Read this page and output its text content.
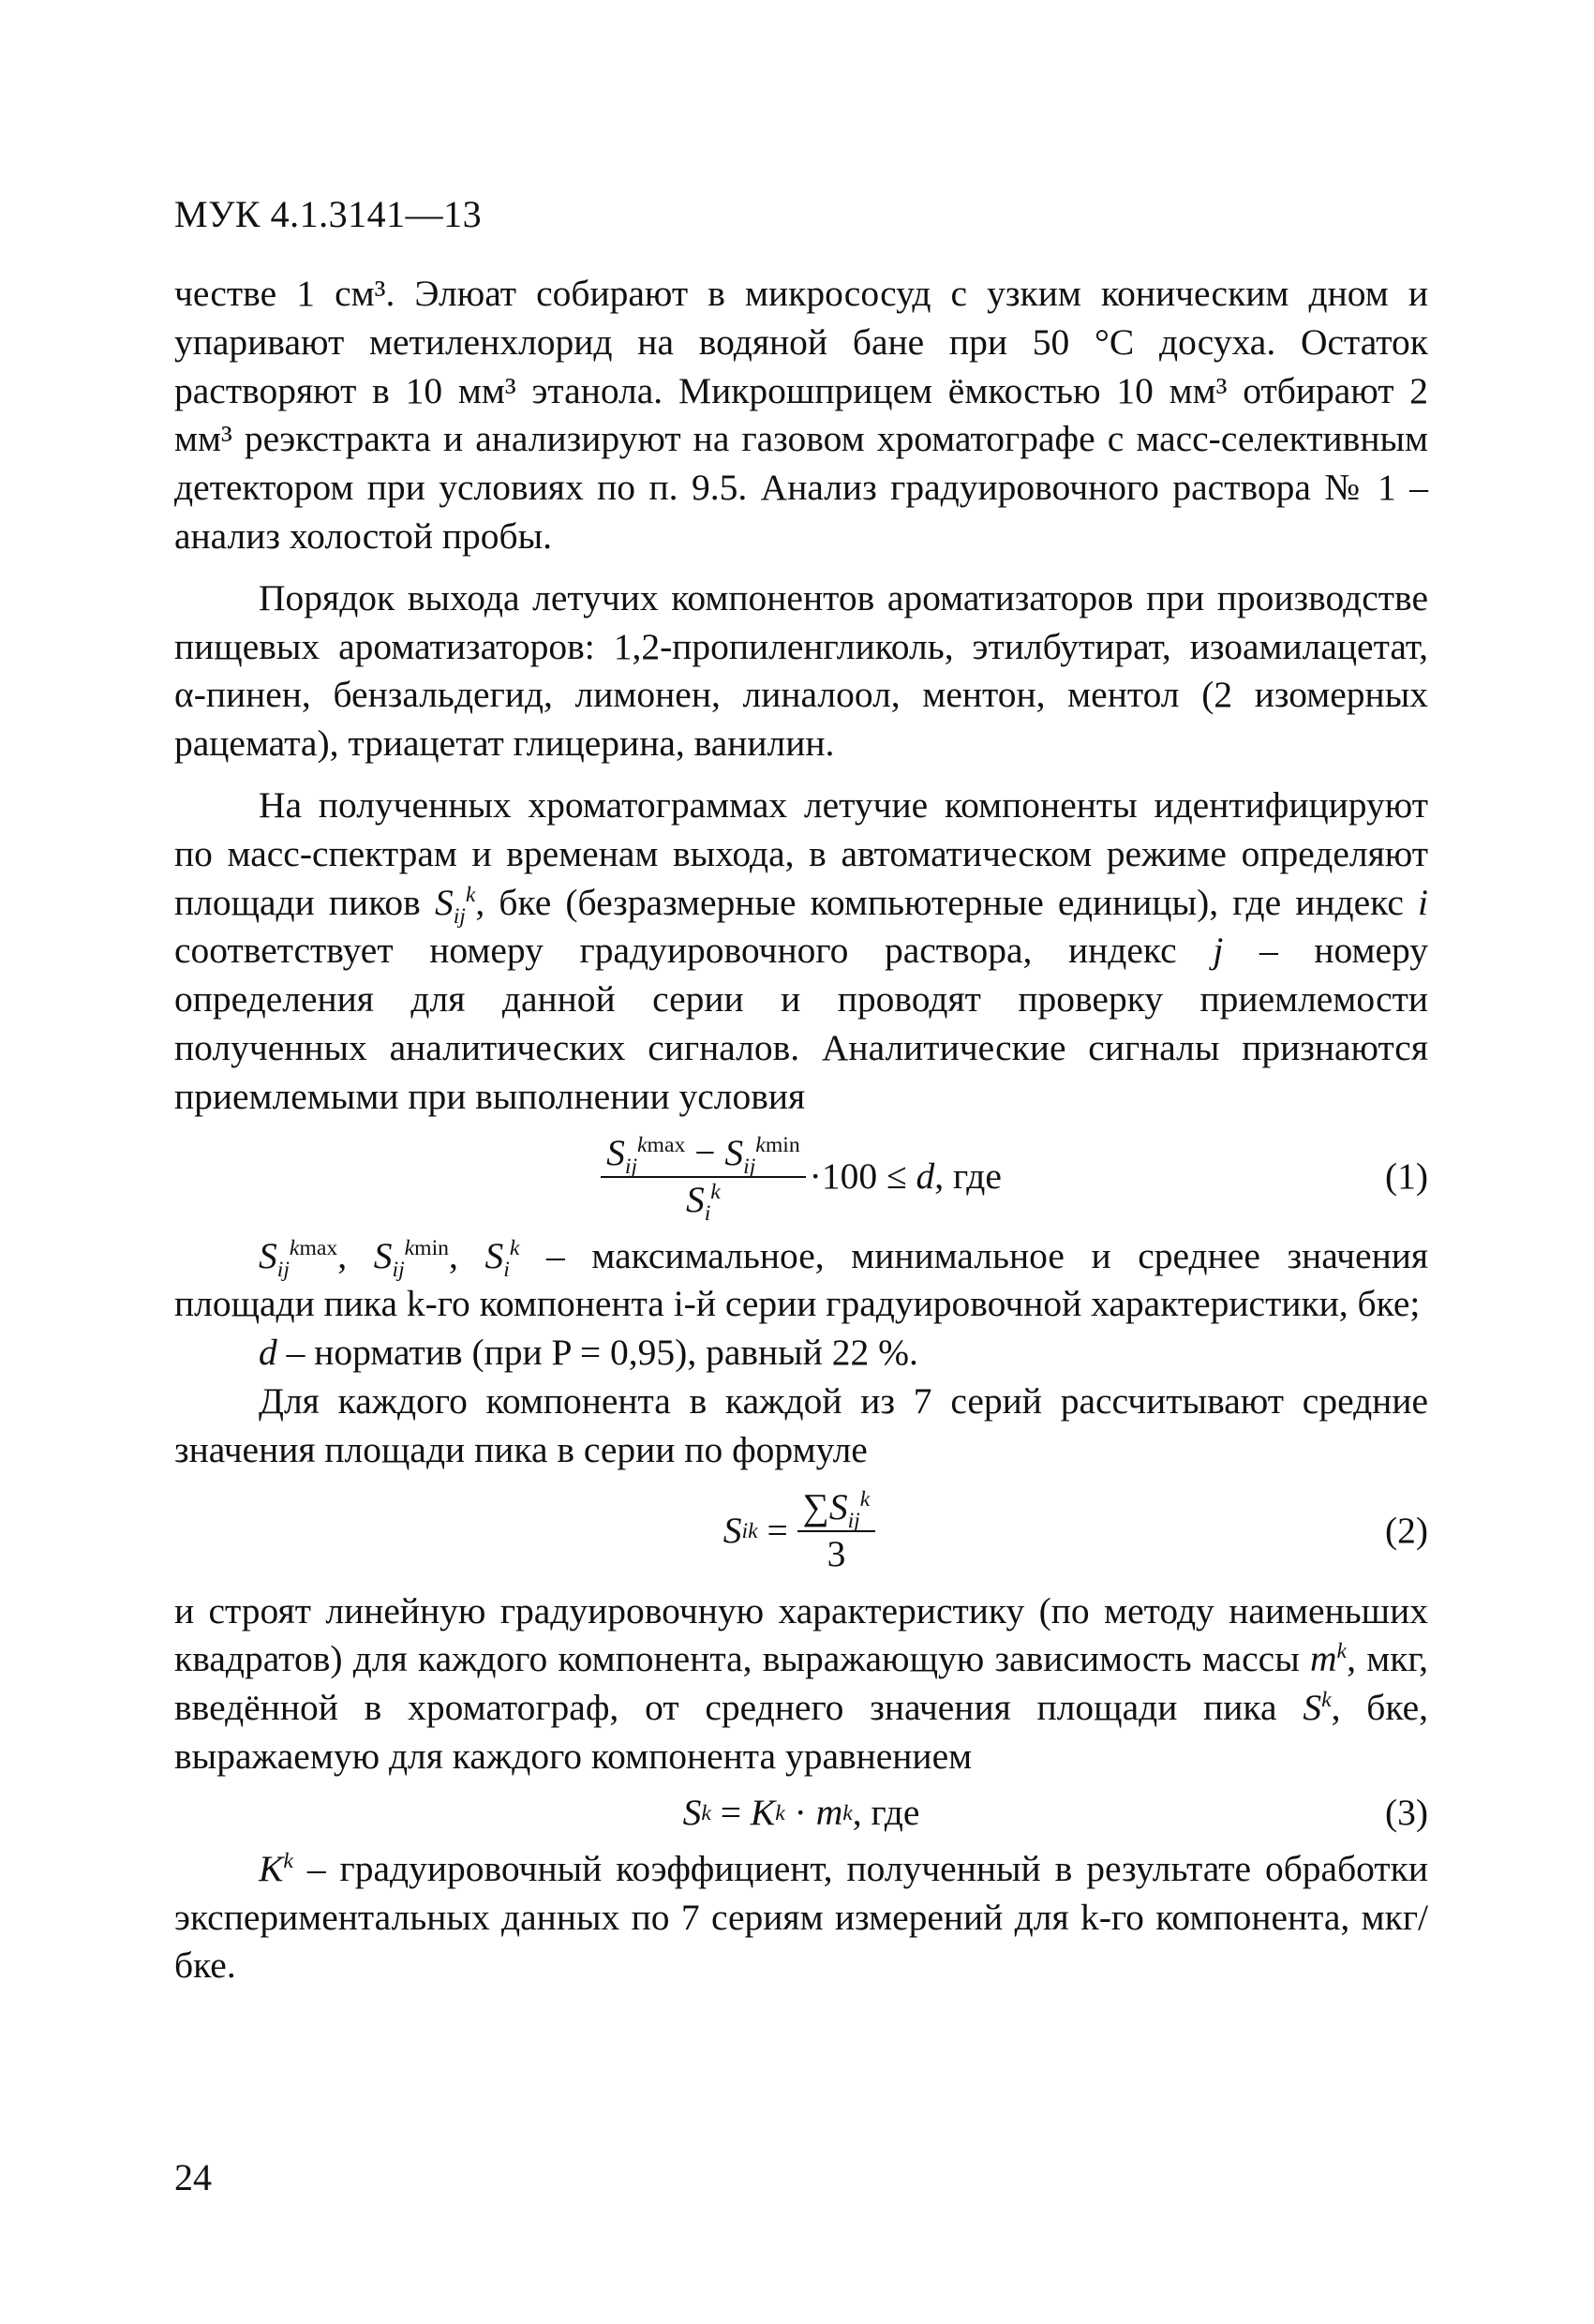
МУК 4.1.3141—13

честве 1 см³. Элюат собирают в микрососуд с узким коническим дном и упаривают метиленхлорид на водяной бане при 50 °С досуха. Остаток растворяют в 10 мм³ этанола. Микрошприцем ёмкостью 10 мм³ отбирают 2 мм³ реэкстракта и анализируют на газовом хроматографе с масс-селективным детектором при условиях по п. 9.5. Анализ градуировочного раствора № 1 – анализ холостой пробы.

Порядок выхода летучих компонентов ароматизаторов при производстве пищевых ароматизаторов: 1,2-пропиленгликоль, этилбутират, изоамилацетат, α-пинен, бензальдегид, лимонен, линалоол, ментон, ментол (2 изомерных рацемата), триацетат глицерина, ванилин.

На полученных хроматограммах летучие компоненты идентифицируют по масс-спектрам и временам выхода, в автоматическом режиме определяют площади пиков $S_{ij}^k$, бке (безразмерные компьютерные единицы), где индекс i соответствует номеру градуировочного раствора, индекс j – номеру определения для данной серии и проводят проверку приемлемости полученных аналитических сигналов. Аналитические сигналы признаются приемлемыми при выполнении условия

$\frac{S_{ij}^{kmax} - S_{ij}^{kmin}}{S_i^k} \cdot 100$ ≤
d , где	(1)

$S_{ij}^{kmax}$, $S_{ij}^{kmin}$, $S_i^k$ – максимальное, минимальное и среднее значения площади пика k-го компонента i-й серии градуировочной характеристики, бке;

d – норматив (при P = 0,95), равный 22 %.

Для каждого компонента в каждой из 7 серий рассчитывают средние значения площади пика в серии по формуле

S i $k = \frac{\sum S_{ij}^k}{3}$	(2)

и строят линейную градуировочную характеристику (по методу наименьших квадратов) для каждого компонента, выражающую зависимость массы $m^k$, мкг, введённой в хроматограф, от среднего значения площади пика $S^k$, бке, выражаемую для каждого компонента уравнением

S k = K k · m k , где	(3)

$K^k$ – градуировочный коэффициент, полученный в результате обработки экспериментальных данных по 7 сериям измерений для k-го компонента, мкг/бке.

24
